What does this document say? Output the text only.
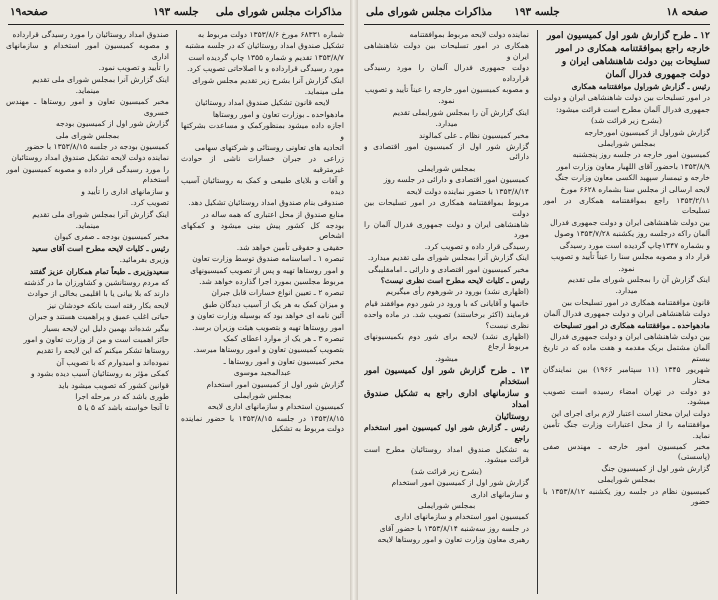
مذاکرات مجلس شورای ملی
جلسه ۱۹۳
صفحه۱۹

شماره ۶۸۳۳۱ مورخ ۱۳۵۳/۸/۶ دولت مربوط به

تشکیل صندوق امداد روستائیان که در جلسه مشتبه

۱۳۵۳/۸/۷ تقدیم و شماره ۱۳۵۵ چاپ گردیده است

مورد رسیدگی قرارداده و با اصلاحاتی تصویب کرد.

اینک گزارش آنرا بشرح زیر تقدیم مجلس شورای

ملی مینماید.

لایحه قانون تشکیل صندوق امداد روستائیان

مادهواحده ـ بوزارت تعاون و امور روستاها

اجازه داده میشود بمنظورکمک و مساعدت بشرکتها و

اتحادیه های تعاونی روستائی و شرکتهای سهامی

زراعی در جبران خسارات ناشی از حوادث غیرمترقبه

و آفات و بلایای طبیعی و کمک به روستائیان آسیب دیده

صندوقی بنام صندوق امداد روستائیان تشکیل دهد.

منابع صندوق از محل اعتباری که همه ساله در

بودجه کل کشور پیش بینی میشود و کمکهای اشخاص

حقیقی و حقوقی تأمین خواهد شد.

تبصره ۱ ـ اساسنامه صندوق توسط وزارت تعاون

و امور روستاها تهیه و پس از تصویب کمیسیونهای

مربوط مجلسین بمورد اجرا گذارده خواهد شد.

تبصره ۲ ـ تعیین انواع خسارات قابل جبران

و میزان کمک به هر یک از آسیب دیدگان طبق

آئین نامه ای خواهد بود که بوسیله وزارت تعاون و

امور روستاها تهیه و بتصویب هیئت وزیران برسد.

تبصره ۳ ـ هر یک از موارد اعطای کمک

بتصویب کمیسیون تعاون و امور روستاها میرسد.

مخبر کمیسیون تعاون و امور روستاها ـ

عبدالمجید موسوی

گزارش شور اول از کمیسیون امور استخدام

بمجلس شورایملی

کمیسیون استخدام و سازمانهای اداری لایحه

۱۳۵۳/۸/۱۵ در جلسه ۱۳۵۳/۸/۱۵ با حضور نماینده دولت مربوط به تشکیل

صندوق امداد روستائیان را مورد رسیدگی قرارداده

و مصوبه کمیسیون امور استخدام و سازمانهای اداری

را تأیید و تصویب نمود.

اینک گزارش آنرا بمجلس شورای ملی تقدیم

مینماید.

مخبر کمیسیون تعاون و امور روستاها ـ مهندس خسروی

گزارش شور اول از کمیسیون بودجه

بمجلس شورای ملی

کمیسیون بودجه در جلسه ۱۳۵۳/۸/۱۵ با حضور

نماینده دولت لایحه تشکیل صندوق امداد روستائیان

را مورد رسیدگی قرار داده و مصوبه کمیسیون امور استخدام

و سازمانهای اداری را تأیید و

تصویب کرد.

اینک گزارش آنرا بمجلس شورای ملی تقدیم

مینماید.

مخبر کمیسیون بودجه ـ صفری کیوان

رئیس ـ کلیات لایحه مطرح است آقای سعید

وزیری بفرمائید.

سعیدوزیری ـ طبعاً تمام همکاران عزیز گفتند

که مردم روستانشین و کشاورزان ما در گذشته

دارند که بلا بیانی یا با اقلیمی بخالی از حوادث

لایحه بکار رفته است بانکه خودشان نیز

حیاتی اغلب عمیق و پراهمیت هستند و جبران

بیگیر شده‌اند بهمین دلیل این لایحه بسیار

حائز اهمیت است و من از وزارت تعاون و امور

روستاها تشکر میکنم که این لایحه را تقدیم

نموده‌اند و امیدوارم که با تصویب آن

کمکی مؤثر به روستائیان آسیب دیده بشود و

قوانین کشور که تصویب میشود باید

طوری باشد که در مرحله اجرا

تا آنجا خواسته باشد که ۵ یا ۵

صفحه ۱۸
جلسه ۱۹۳
مذاکرات مجلس شورای ملی

۱۲ ـ طرح گزارش شور اول کمیسیون امور

خارجه راجع بموافقتنامه همکاری در امور

تسلیحات بین دولت شاهنشاهی ایران و

دولت جمهوری فدرال آلمان

رئیس ـ گزارش شوراول موافقتنامه همکاری

در امور تسلیحات بین دولت شاهنشاهی ایران و دولت

جمهوری فدرال آلمان مطرح است قرائت میشود:

(بشرح زیر قرائت شد)

گزارش شوراول از کمیسیون امورخارجه

بمجلس شورایملی

کمیسیون امور خارجه در جلسه روز پنجشنبه

۱۳۵۳/۸/۹ باحضور آقای اللهیار معاون وزارت امور

خارجه و تیمسار سپهبد الکسی معاون وزارت جنگ

لایحه ارسالی از مجلس سنا بشماره ۶۶۲۸ مورخ

۱۳۵۳/۲/۱۱ راجع بموافقتنامه همکاری در امور تسلیحات

بین دولت شاهنشاهی ایران و دولت جمهوری فدرال

آلمان راکه درجلسه روز یکشنبه ۱۳۵۳/۷/۲۸ وصول

و بشماره ۱۳۴۷چاپ گردیده است مورد رسیدگی

قرار داد و مصوبه مجلس سنا را عیناً تأیید و تصویب

نمود.

اینک گزارش آن را بمجلس شورای ملی تقدیم

میدارد.

قانون موافقتنامه همکاری در امور تسلیحات بین

دولت شاهنشاهی ایران و دولت جمهوری فدرال آلمان

مادهواحده ـ موافقتنامه همکاری در امور تسلیحات

بین دولت شاهنشاهی ایران و دولت جمهوری فدرال

آلمان مشتمل بریک مقدمه و هفت ماده که در تاریخ بیستم

شهریور ۱۳۴۵ (۱۱ سپتامبر ۱۹۶۶) بین نمایندگان مختار

دو دولت در تهران امضاء رسیده است تصویب میشود.

دولت ایران مختار است اعتبار لازم برای اجرای این

موافقتنامه را از محل اعتبارات وزارت جنگ تأمین نماید.

مخبر کمیسیون امور خارجه ـ مهندس صفی (پاسستی)

گزارش شور اول از کمیسیون جنگ

بمجلس شورایملی

کمیسیون نظام در جلسه روز یکشنبه ۱۳۵۳/۸/۱۲ با حضور

نماینده دولت لایحه مربوط بموافقتنامه

همکاری در امور تسلیحات بین دولت شاهنشاهی ایران و

دولت جمهوری فدرال آلمان را مورد رسیدگی قرارداده

و مصوبه کمیسیون امور خارجه را عیناً تأیید و تصویب

نمود.

اینک گزارش آن را بمجلس شورایملی تقدیم

میدارد.

مخبر کمیسیون نظام ـ علی کمالوند

گزارش شور اول از کمیسیون امور اقتصادی و دارائی

بمجلس شورایملی

کمیسیون امور اقتصادی و دارائی در جلسه روز

۱۳۵۳/۸/۱۴ با حضور نماینده دولت لایحه

مربوط بموافقتنامه همکاری در امور تسلیحات بین دولت

شاهنشاهی ایران و دولت جمهوری فدرال آلمان را مورد

رسیدگی قرار داده و تصویب کرد.

اینک گزارش آنرا بمجلس شورای ملی تقدیم میدارد.

مخبر کمیسیون امور اقتصادی و دارائی ـ امامقلیبگی

رئیس ـ کلیات لایحه مطرح است نظری نیست؟

(اظهاری نشد) بورود در شورهوم رأی میگیریم

خانمها و آقایانی که با ورود در شور دوم موافقند قیام

فرمایند (اکثر برخاستند) تصویب شد. در ماده واحده نظری نیست؟

(اظهاری نشد) لایحه برای شور دوم بکمیسیونهای مربوط ارجاع

میشود.

۱۳ ـ طرح گزارش شور اول کمیسیون امور استخدام

و سازمانهای اداری راجع به تشکیل صندوق امداد

روستائیان

رئیس ـ گزارش شور اول کمیسیون امور استخدام راجع

به تشکیل صندوق امداد روستائیان مطرح است قرائت میشود.

(بشرح زیر قرائت شد)

گزارش شور اول از کمیسیون امور استخدام

و سازمانهای اداری

بمجلس شورایملی

کمیسیون امور استخدام و سازمانهای اداری

در جلسه روز سه‌شنبه ۱۳۵۳/۸/۱۴ با حضور آقای

رهبری معاون وزارت تعاون و امور روستاها لایحه
